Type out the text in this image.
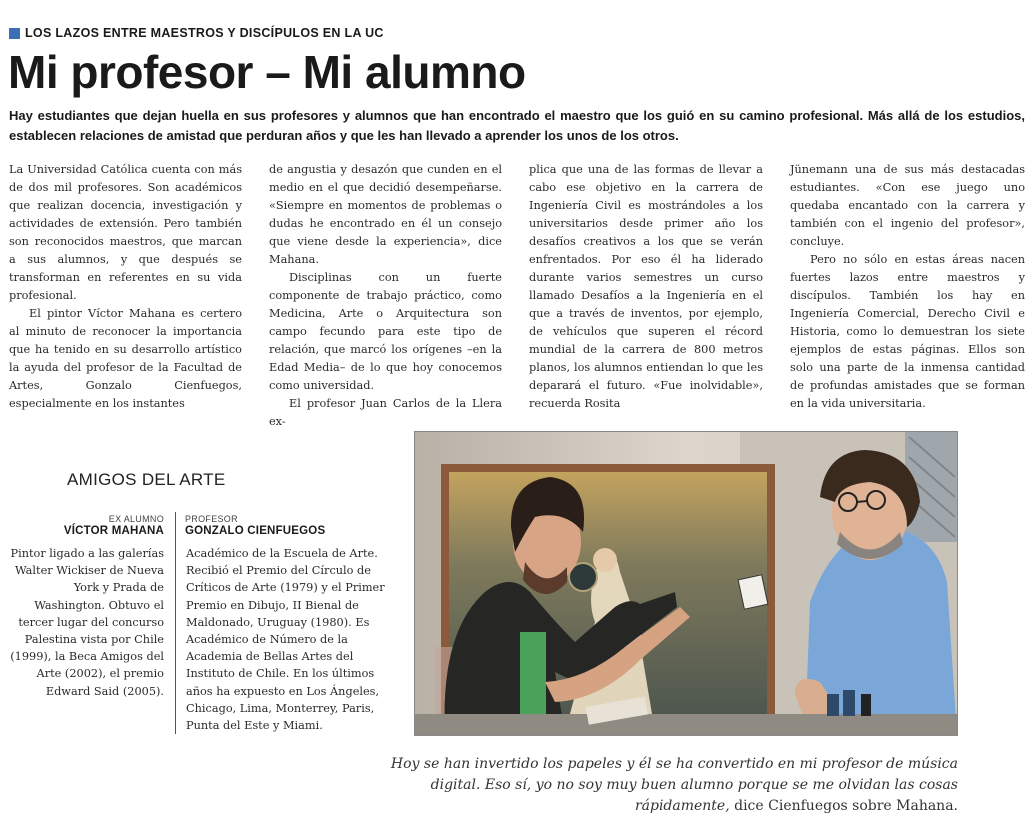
LOS LAZOS ENTRE MAESTROS Y DISCÍPULOS EN LA UC
Mi profesor – Mi alumno

Hay estudiantes que dejan huella en sus profesores y alumnos que han encontrado el maestro que los guió en su camino profesional. Más allá de los estudios, establecen relaciones de amistad que perduran años y que les han llevado a aprender los unos de los otros.

La Universidad Católica cuenta con más de dos mil profesores. Son académicos que realizan docencia, investigación y actividades de extensión. Pero también son reconocidos maestros, que marcan a sus alumnos, y que después se transforman en referentes en su vida profesional.

El pintor Víctor Mahana es certero al minuto de reconocer la importancia que ha tenido en su desarrollo artístico la ayuda del profesor de la Facultad de Artes, Gonzalo Cienfuegos, especialmente en los instantes

de angustia y desazón que cunden en el medio en el que decidió desempeñarse. «Siempre en momentos de problemas o dudas he encontrado en él un consejo que viene desde la experiencia», dice Mahana.

Disciplinas con un fuerte componente de trabajo práctico, como Medicina, Arte o Arquitectura son campo fecundo para este tipo de relación, que marcó los orígenes –en la Edad Media– de lo que hoy conocemos como universidad.

El profesor Juan Carlos de la Llera ex-

plica que una de las formas de llevar a cabo ese objetivo en la carrera de Ingeniería Civil es mostrándoles a los universitarios desde primer año los desafíos creativos a los que se verán enfrentados. Por eso él ha liderado durante varios semestres un curso llamado Desafíos a la Ingeniería en el que a través de inventos, por ejemplo, de vehículos que superen el récord mundial de la carrera de 800 metros planos, los alumnos entiendan lo que les deparará el futuro. «Fue inolvidable», recuerda Rosita

Jünemann una de sus más destacadas estudiantes. «Con ese juego uno quedaba encantado con la carrera y también con el ingenio del profesor», concluye.

Pero no sólo en estas áreas nacen fuertes lazos entre maestros y discípulos. También los hay en Ingeniería Comercial, Derecho Civil e Historia, como lo demuestran los siete ejemplos de estas páginas. Ellos son solo una parte de la inmensa cantidad de profundas amistades que se forman en la vida universitaria.

AMIGOS DEL ARTE
EX ALUMNO
VÍCTOR MAHANA
PROFESOR
GONZALO CIENFUEGOS
Pintor ligado a las galerías Walter Wickiser de Nueva York y Prada de Washington. Obtuvo el tercer lugar del concurso Palestina vista por Chile (1999), la Beca Amigos del Arte (2002), el premio Edward Said (2005).
Académico de la Escuela de Arte. Recibió el Premio del Círculo de Críticos de Arte (1979) y el Primer Premio en Dibujo, II Bienal de Maldonado, Uruguay (1980). Es Académico de Número de la Academia de Bellas Artes del Instituto de Chile. En los últimos años ha expuesto en Los Ángeles, Chicago, Lima, Monterrey, Paris, Punta del Este y Miami.
Hoy se han invertido los papeles y él se ha convertido en mi profesor de música digital. Eso sí, yo no soy muy buen alumno porque se me olvidan las cosas rápidamente, dice Cienfuegos sobre Mahana.
